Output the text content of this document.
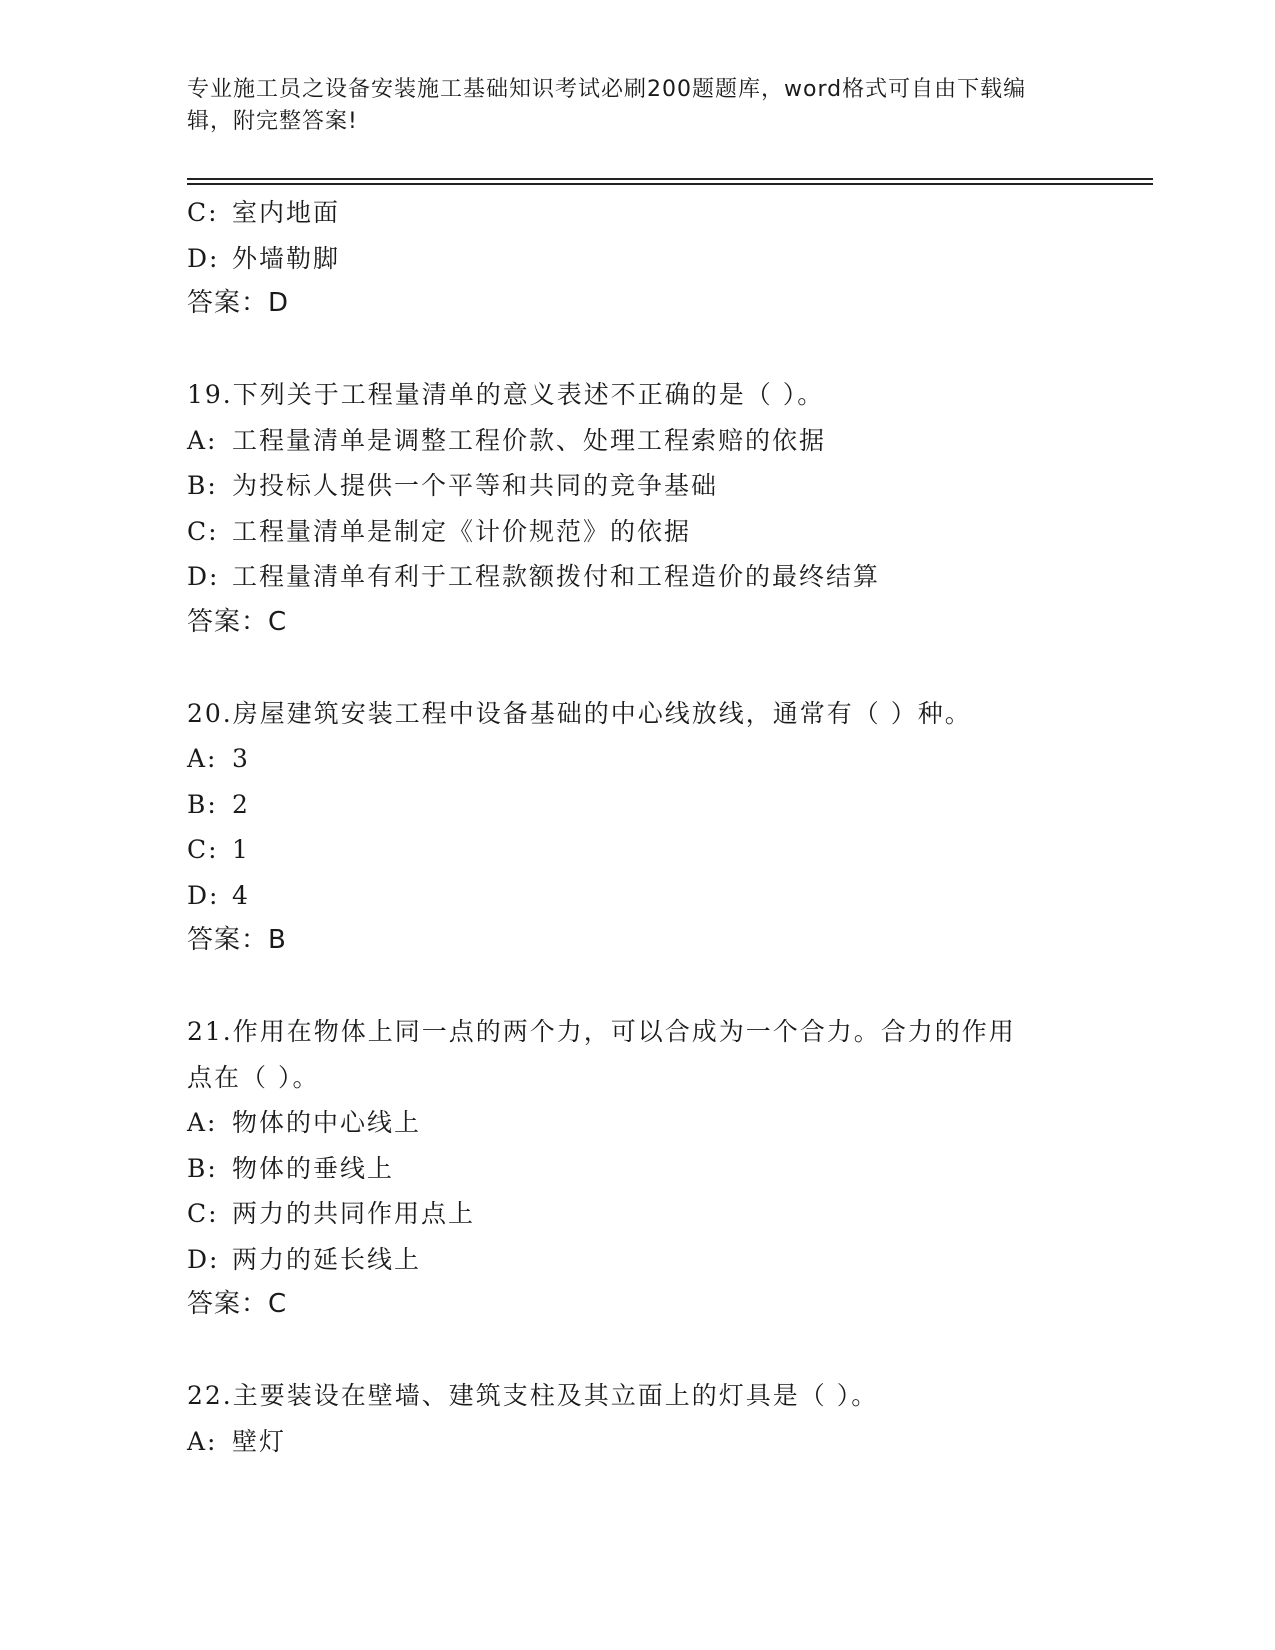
专业施工员之设备安装施工基础知识考试必刷200题题库，word格式可自由下载编辑，附完整答案!
C: 室内地面
D: 外墙勒脚
答案：D
19.下列关于工程量清单的意义表述不正确的是（ ）。
A: 工程量清单是调整工程价款、处理工程索赔的依据
B: 为投标人提供一个平等和共同的竞争基础
C: 工程量清单是制定《计价规范》的依据
D: 工程量清单有利于工程款额拨付和工程造价的最终结算
答案：C
20.房屋建筑安装工程中设备基础的中心线放线，通常有（ ）种。
A: 3
B: 2
C: 1
D: 4
答案：B
21.作用在物体上同一点的两个力，可以合成为一个合力。合力的作用
点在（ ）。
A: 物体的中心线上
B: 物体的垂线上
C: 两力的共同作用点上
D: 两力的延长线上
答案：C
22.主要装设在壁墙、建筑支柱及其立面上的灯具是（ ）。
A: 壁灯
